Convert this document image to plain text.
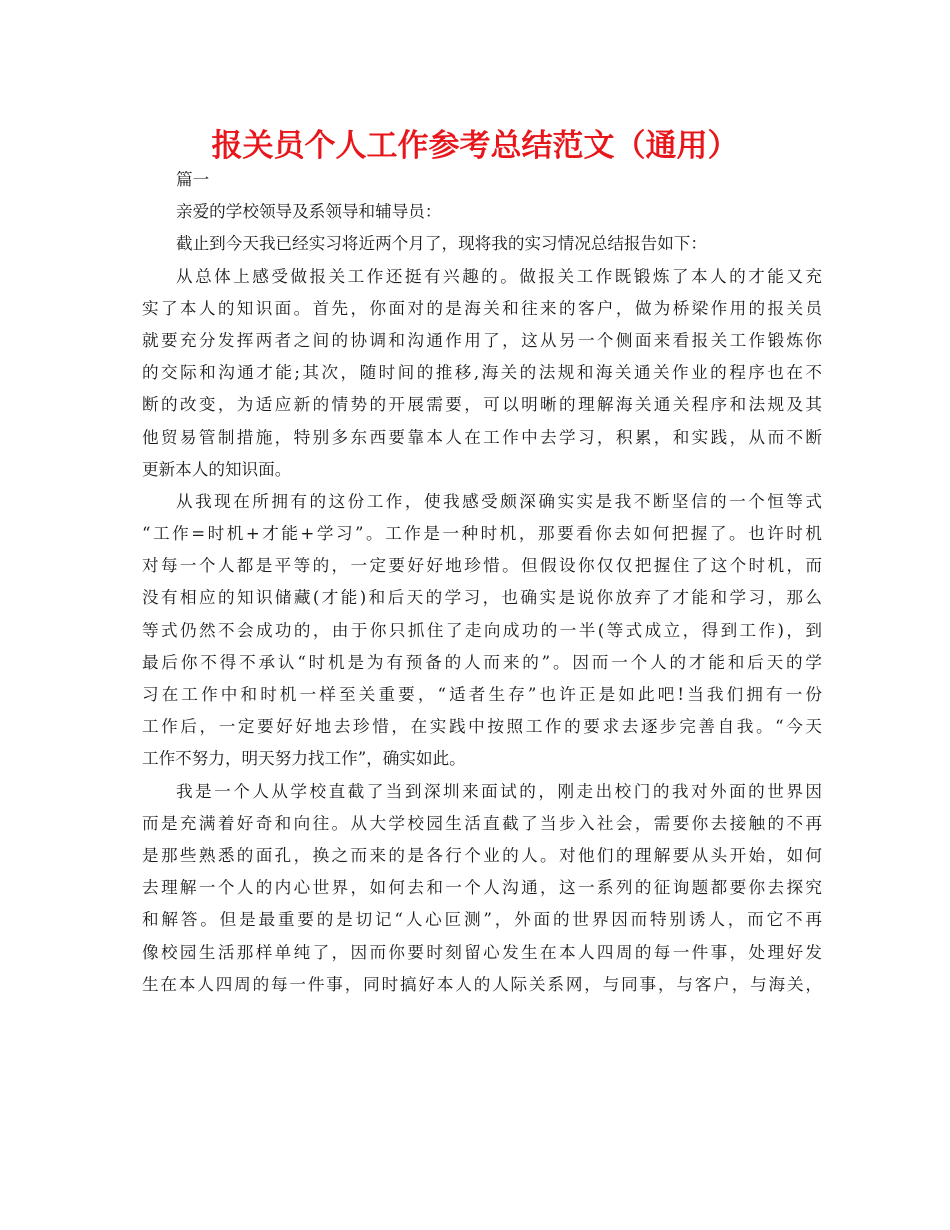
报关员个人工作参考总结范文（通用）
篇一
亲爱的学校领导及系领导和辅导员：
截止到今天我已经实习将近两个月了，现将我的实习情况总结报告如下：
从总体上感受做报关工作还挺有兴趣的。做报关工作既锻炼了本人的才能又充
实了本人的知识面。首先，你面对的是海关和往来的客户，做为桥梁作用的报关员
就要充分发挥两者之间的协调和沟通作用了，这从另一个侧面来看报关工作锻炼你
的交际和沟通才能;其次，随时间的推移,海关的法规和海关通关作业的程序也在不
断的改变，为适应新的情势的开展需要，可以明晰的理解海关通关程序和法规及其
他贸易管制措施，特别多东西要靠本人在工作中去学习，积累，和实践，从而不断
更新本人的知识面。
从我现在所拥有的这份工作，使我感受颇深确实实是我不断坚信的一个恒等式
“工作=时机+才能+学习”。工作是一种时机，那要看你去如何把握了。也许时机
对每一个人都是平等的，一定要好好地珍惜。但假设你仅仅把握住了这个时机，而
没有相应的知识储藏(才能)和后天的学习，也确实是说你放弃了才能和学习，那么
等式仍然不会成功的，由于你只抓住了走向成功的一半(等式成立，得到工作)，到
最后你不得不承认“时机是为有预备的人而来的”。因而一个人的才能和后天的学
习在工作中和时机一样至关重要，“适者生存”也许正是如此吧!当我们拥有一份
工作后，一定要好好地去珍惜，在实践中按照工作的要求去逐步完善自我。“今天
工作不努力，明天努力找工作”，确实如此。
我是一个人从学校直截了当到深圳来面试的，刚走出校门的我对外面的世界因
而是充满着好奇和向往。从大学校园生活直截了当步入社会，需要你去接触的不再
是那些熟悉的面孔，换之而来的是各行个业的人。对他们的理解要从头开始，如何
去理解一个人的内心世界，如何去和一个人沟通，这一系列的征询题都要你去探究
和解答。但是最重要的是切记“人心叵测”，外面的世界因而特别诱人，而它不再
像校园生活那样单纯了，因而你要时刻留心发生在本人四周的每一件事，处理好发
生在本人四周的每一件事，同时搞好本人的人际关系网，与同事，与客户，与海关，
